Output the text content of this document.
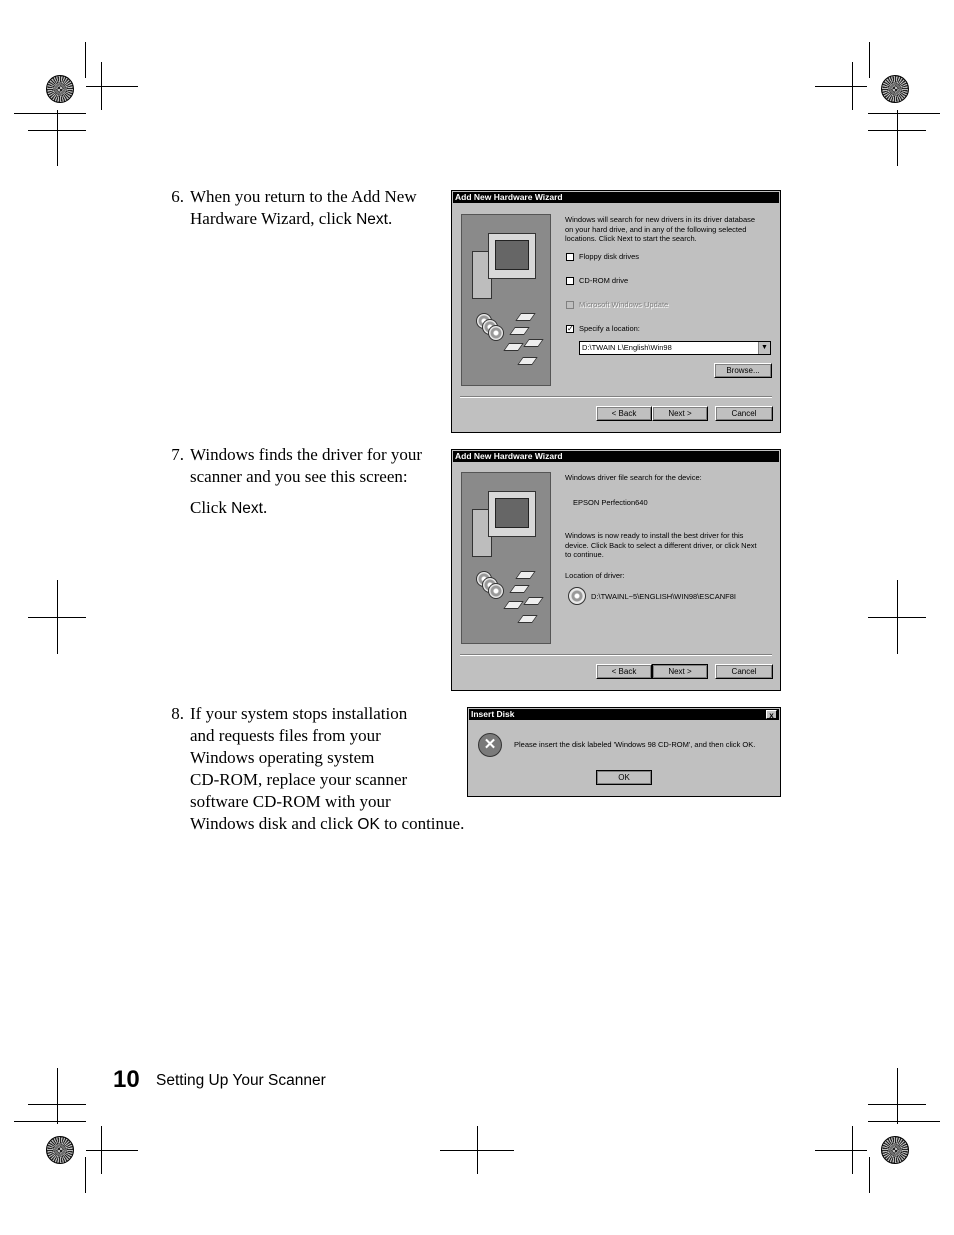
6. When you return to the Add New
Hardware Wizard, click Next.
Add New Hardware Wizard
Windows will search for new drivers in its driver database
on your hard drive, and in any of the following selected
locations. Click Next to start the search.
Floppy disk drives
CD-ROM drive
Microsoft Windows Update
✓ Specify a location:
D:\TWAIN L\English\Win98	▼
Browse...
< Back	Next >	Cancel
7. Windows finds the driver for your
scanner and you see this screen:
Click Next.
Add New Hardware Wizard
Windows driver file search for the device:
EPSON Perfection640
Windows is now ready to install the best driver for this
device. Click Back to select a different driver, or click Next
to continue.
Location of driver:
D:\TWAINL~5\ENGLISH\WIN98\ESCANF8I
< Back	Next >	Cancel
8. If your system stops installation
and requests files from your
Windows operating system
CD-ROM, replace your scanner
software CD-ROM with your
Windows disk and click OK to continue.
Insert Disk	x
✕	Please insert the disk labeled 'Windows 98 CD-ROM', and then click OK.
OK
10 Setting Up Your Scanner
